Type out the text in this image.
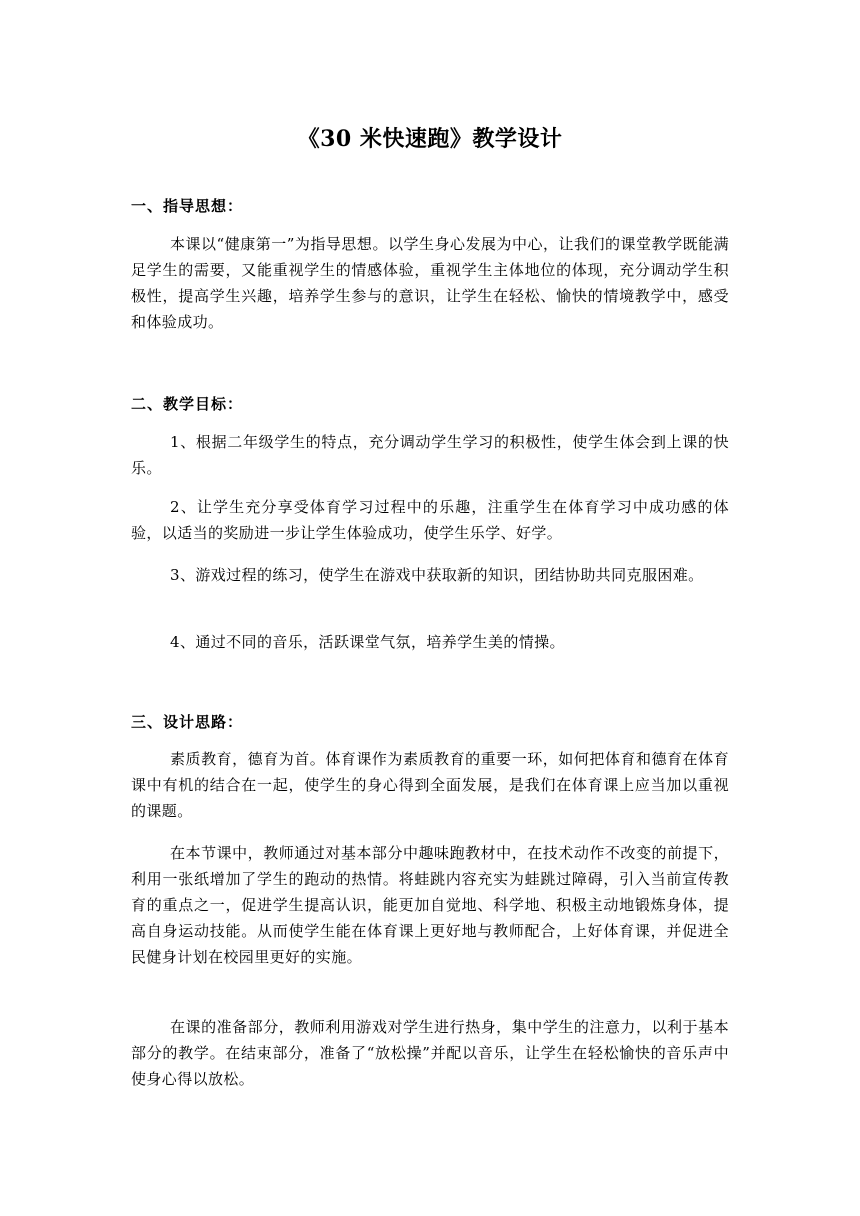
《30 米快速跑》教学设计
一、指导思想：

本课以“健康第一”为指导思想。以学生身心发展为中心，让我们的课堂教学既能满足学生的需要，又能重视学生的情感体验，重视学生主体地位的体现，充分调动学生积极性，提高学生兴趣，培养学生参与的意识，让学生在轻松、愉快的情境教学中，感受和体验成功。

二、教学目标：

1、根据二年级学生的特点，充分调动学生学习的积极性，使学生体会到上课的快乐。

2、让学生充分享受体育学习过程中的乐趣，注重学生在体育学习中成功感的体验，以适当的奖励进一步让学生体验成功，使学生乐学、好学。

3、游戏过程的练习，使学生在游戏中获取新的知识，团结协助共同克服困难。

4、通过不同的音乐，活跃课堂气氛，培养学生美的情操。

三、设计思路：

素质教育，德育为首。体育课作为素质教育的重要一环，如何把体育和德育在体育课中有机的结合在一起，使学生的身心得到全面发展，是我们在体育课上应当加以重视的课题。

在本节课中，教师通过对基本部分中趣味跑教材中，在技术动作不改变的前提下，利用一张纸增加了学生的跑动的热情。将蛙跳内容充实为蛙跳过障碍，引入当前宣传教育的重点之一，促进学生提高认识，能更加自觉地、科学地、积极主动地锻炼身体，提高自身运动技能。从而使学生能在体育课上更好地与教师配合，上好体育课，并促进全民健身计划在校园里更好的实施。

在课的准备部分，教师利用游戏对学生进行热身，集中学生的注意力，以利于基本部分的教学。在结束部分，准备了“放松操”并配以音乐，让学生在轻松愉快的音乐声中使身心得以放松。
